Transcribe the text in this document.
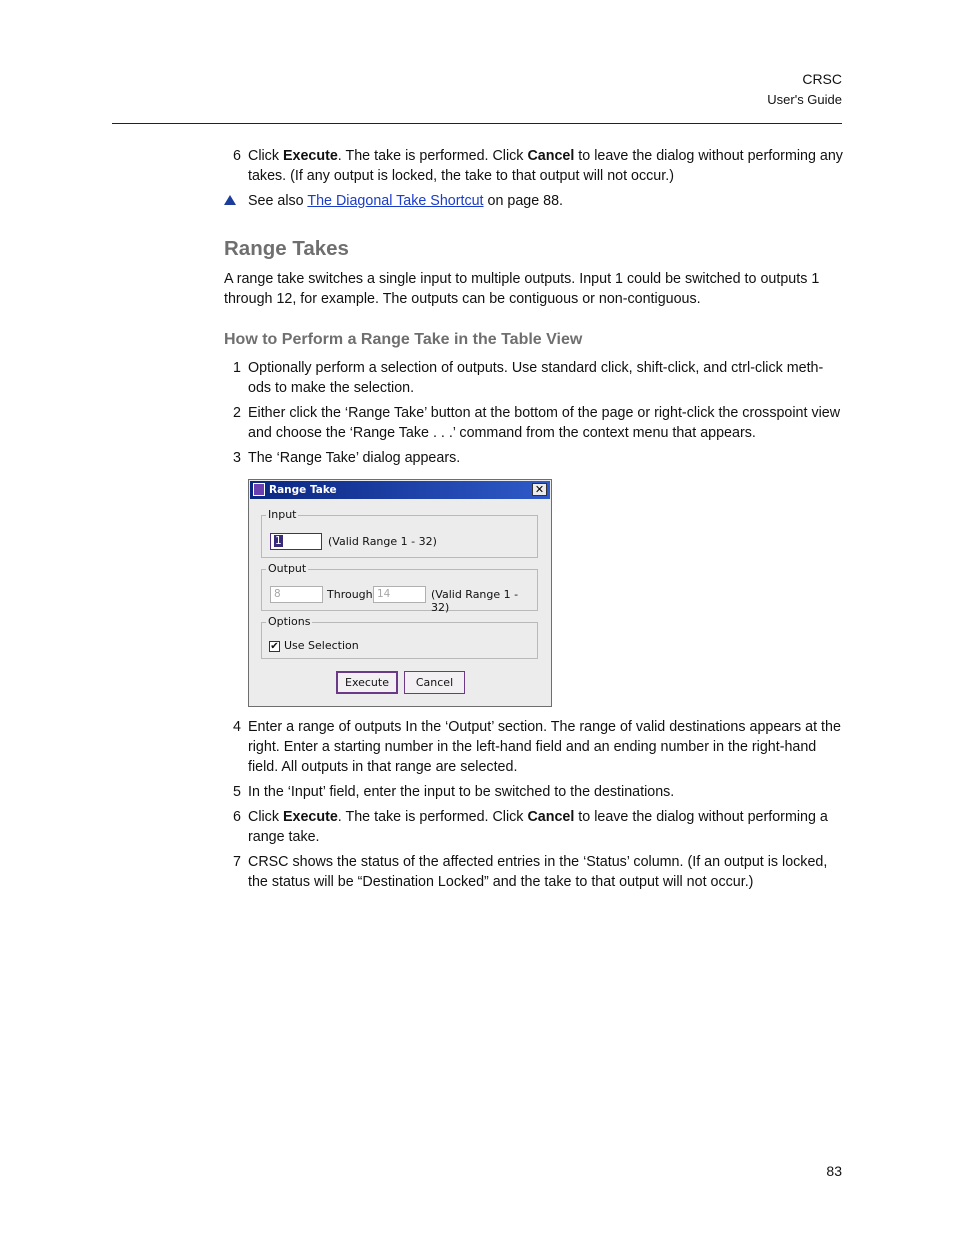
CRSC
User's Guide
6 Click Execute. The take is performed. Click Cancel to leave the dialog without performing any takes. (If any output is locked, the take to that output will not occur.)
See also The Diagonal Take Shortcut on page 88.
Range Takes
A range take switches a single input to multiple outputs. Input 1 could be switched to outputs 1 through 12, for example. The outputs can be contiguous or non-contiguous.
How to Perform a Range Take in the Table View
1 Optionally perform a selection of outputs. Use standard click, shift-click, and ctrl-click meth-ods to make the selection.
2 Either click the ‘Range Take’ button at the bottom of the page or right-click the crosspoint view and choose the ‘Range Take . . .’ command from the context menu that appears.
3 The ‘Range Take’ dialog appears.
Range Take	✕
Input
1	(Valid Range 1 - 32)
Output
8	Through 14	(Valid Range 1 - 32)
Options
✔ Use Selection
Execute	Cancel
4 Enter a range of outputs In the ‘Output’ section. The range of valid destinations appears at the right. Enter a starting number in the left-hand field and an ending number in the right-hand field. All outputs in that range are selected.
5 In the ‘Input’ field, enter the input to be switched to the destinations.
6 Click Execute. The take is performed. Click Cancel to leave the dialog without performing a range take.
7 CRSC shows the status of the affected entries in the ‘Status’ column. (If an output is locked, the status will be “Destination Locked” and the take to that output will not occur.)
83
